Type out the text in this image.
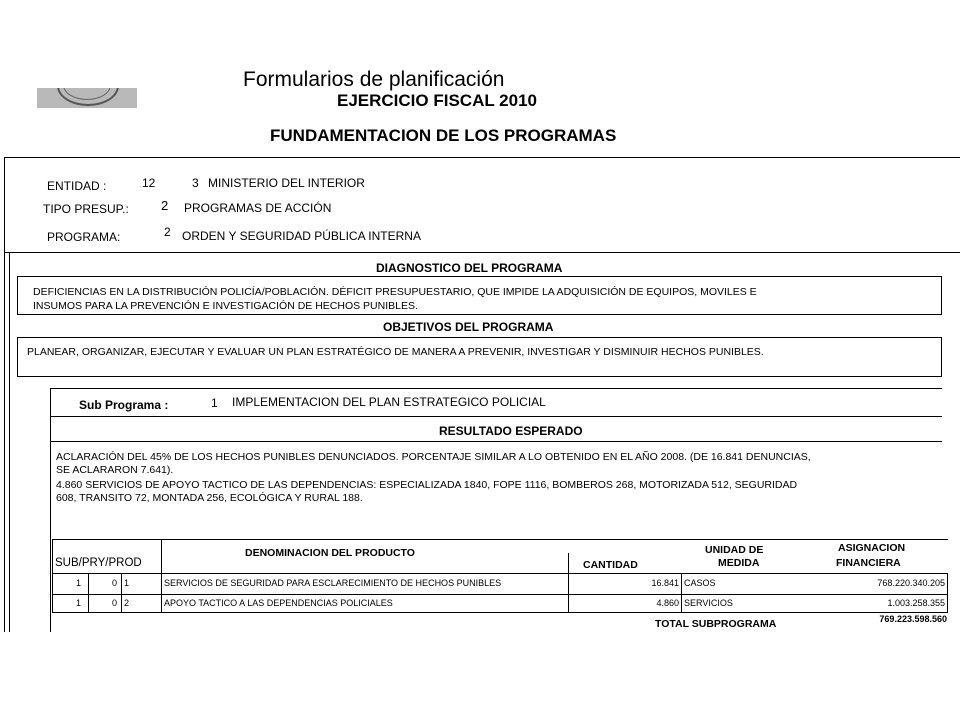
Formularios de planificación
EJERCICIO FISCAL 2010
FUNDAMENTACION DE LOS PROGRAMAS
ENTIDAD :	12	3 MINISTERIO DEL INTERIOR
TIPO PRESUP.: 2 PROGRAMAS DE ACCIÓN
PROGRAMA:	2 ORDEN Y SEGURIDAD PÚBLICA INTERNA
DIAGNOSTICO DEL PROGRAMA
DEFICIENCIAS EN LA DISTRIBUCIÓN POLICÍA/POBLACIÓN. DÉFICIT PRESUPUESTARIO, QUE IMPIDE LA ADQUISICIÓN DE EQUIPOS, MOVILES E
INSUMOS PARA LA PREVENCIÓN E INVESTIGACIÓN DE HECHOS PUNIBLES.
OBJETIVOS DEL PROGRAMA
PLANEAR, ORGANIZAR, EJECUTAR Y EVALUAR UN PLAN ESTRATÉGICO DE MANERA A PREVENIR, INVESTIGAR Y DISMINUIR HECHOS PUNIBLES.
Sub Programa :	1 IMPLEMENTACION DEL PLAN ESTRATEGICO POLICIAL
RESULTADO ESPERADO
ACLARACIÓN DEL 45% DE LOS HECHOS PUNIBLES DENUNCIADOS. PORCENTAJE SIMILAR A LO OBTENIDO EN EL AÑO 2008. (DE 16.841 DENUNCIAS,
SE ACLARARON 7.641).
4.860 SERVICIOS DE APOYO TACTICO DE LAS DEPENDENCIAS: ESPECIALIZADA 1840, FOPE 1116, BOMBEROS 268, MOTORIZADA 512, SEGURIDAD
608, TRANSITO 72, MONTADA 256, ECOLÓGICA Y RURAL 188.
SUB/PRY/PROD
DENOMINACION DEL PRODUCTO
CANTIDAD
UNIDAD DE
MEDIDA
ASIGNACION
FINANCIERA
1	0 1	SERVICIOS DE SEGURIDAD PARA ESCLARECIMIENTO DE HECHOS PUNIBLES	16.841 CASOS	768.220.340.205
1	0 2	APOYO TACTICO A LAS DEPENDENCIAS POLICIALES	4.860 SERVICIOS	1.003.258.355
TOTAL SUBPROGRAMA	769.223.598.560
